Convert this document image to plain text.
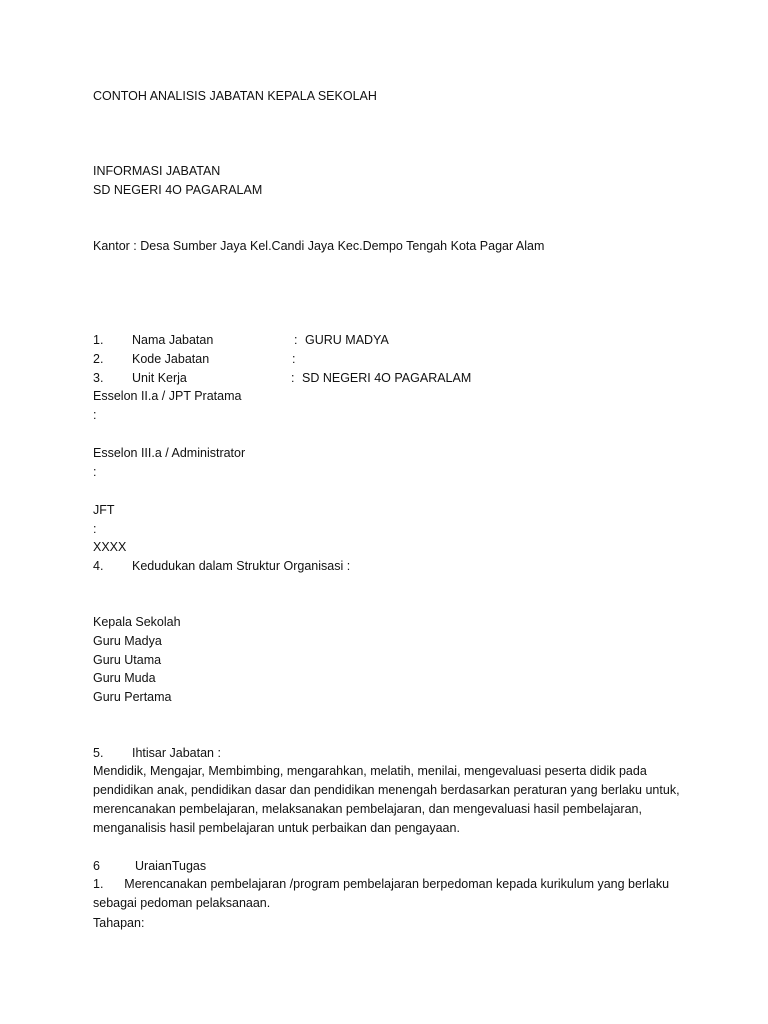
CONTOH ANALISIS JABATAN KEPALA SEKOLAH
INFORMASI JABATAN
SD NEGERI 4O PAGARALAM
Kantor : Desa Sumber Jaya Kel.Candi Jaya Kec.Dempo Tengah Kota Pagar Alam
1. Nama Jabatan	: GURU MADYA
2. Kode Jabatan	:
3. Unit Kerja	: SD NEGERI 4O PAGARALAM
Esselon II.a / JPT Pratama
:
Esselon III.a / Administrator
:
JFT
:
XXXX
4. Kedudukan dalam Struktur Organisasi :
Kepala Sekolah
Guru Madya
Guru Utama
Guru Muda
Guru Pertama
5. Ihtisar Jabatan :
Mendidik, Mengajar, Membimbing, mengarahkan, melatih, menilai, mengevaluasi peserta didik pada pendidikan anak, pendidikan dasar dan pendidikan menengah berdasarkan peraturan yang berlaku untuk, merencanakan pembelajaran, melaksanakan pembelajaran, dan mengevaluasi hasil pembelajaran, menganalisis hasil pembelajaran untuk perbaikan dan pengayaan.
6	UraianTugas
1. Merencanakan pembelajaran /program pembelajaran berpedoman kepada kurikulum yang berlaku sebagai pedoman pelaksanaan.
Tahapan:
